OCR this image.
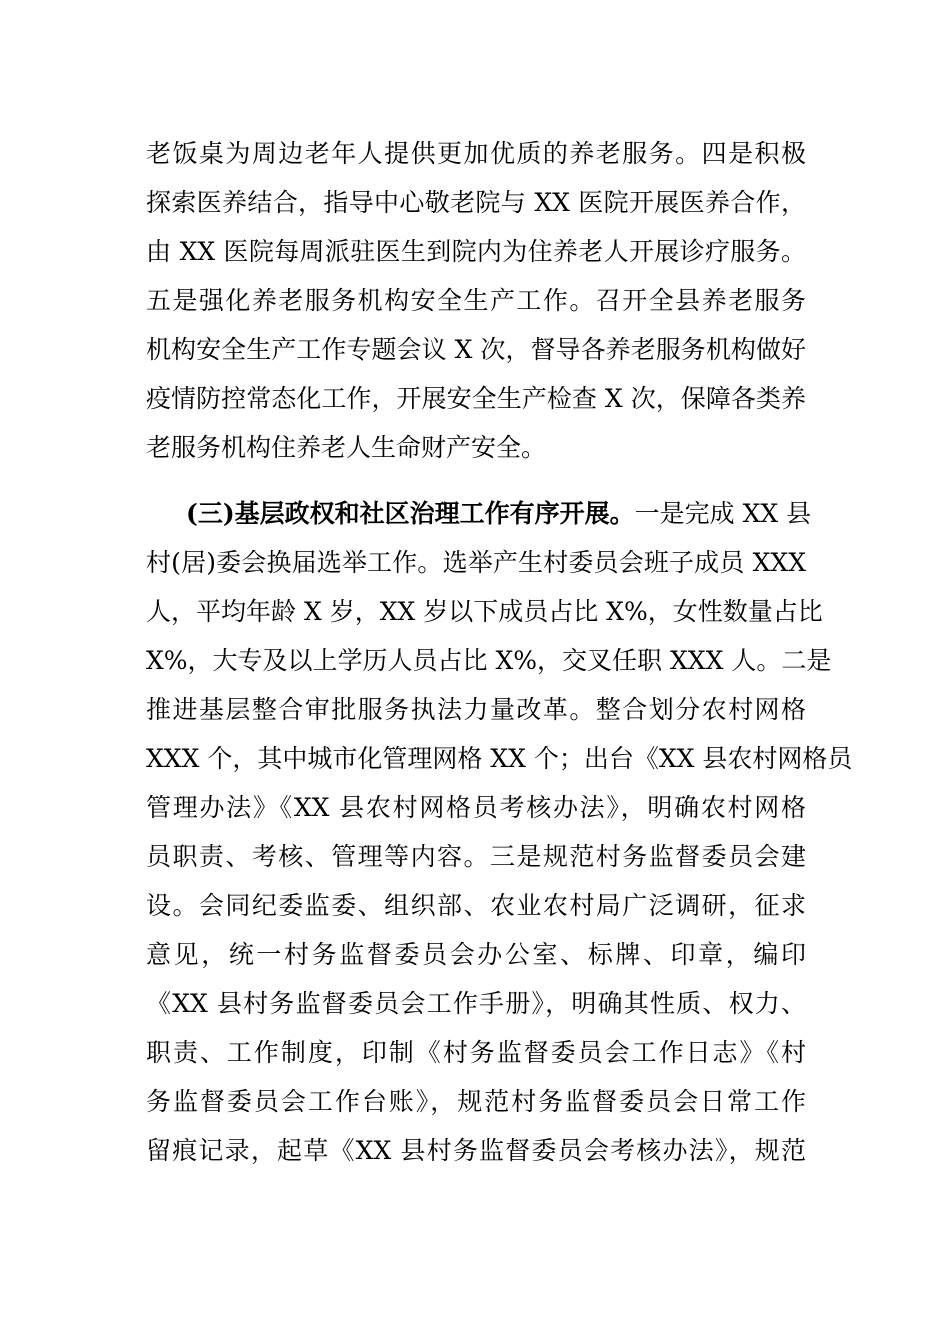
老饭桌为周边老年人提供更加优质的养老服务。四是积极
探索医养结合，指导中心敬老院与 XX 医院开展医养合作，
由 XX 医院每周派驻医生到院内为住养老人开展诊疗服务。
五是强化养老服务机构安全生产工作。召开全县养老服务
机构安全生产工作专题会议 X 次，督导各养老服务机构做好
疫情防控常态化工作，开展安全生产检查 X 次，保障各类养
老服务机构住养老人生命财产安全。
(三)基层政权和社区治理工作有序开展。一是完成 XX 县
村(居)委会换届选举工作。选举产生村委员会班子成员 XXX
人，平均年龄 X 岁，XX 岁以下成员占比 X%，女性数量占比
X%，大专及以上学历人员占比 X%，交叉任职 XXX 人。二是
推进基层整合审批服务执法力量改革。整合划分农村网格
XXX 个，其中城市化管理网格 XX 个；出台《XX 县农村网格员
管理办法》《XX 县农村网格员考核办法》，明确农村网格
员职责、考核、管理等内容。三是规范村务监督委员会建
设。会同纪委监委、组织部、农业农村局广泛调研，征求
意见，统一村务监督委员会办公室、标牌、印章，编印
《XX 县村务监督委员会工作手册》，明确其性质、权力、
职责、工作制度，印制《村务监督委员会工作日志》《村
务监督委员会工作台账》，规范村务监督委员会日常工作
留痕记录，起草《XX 县村务监督委员会考核办法》，规范
